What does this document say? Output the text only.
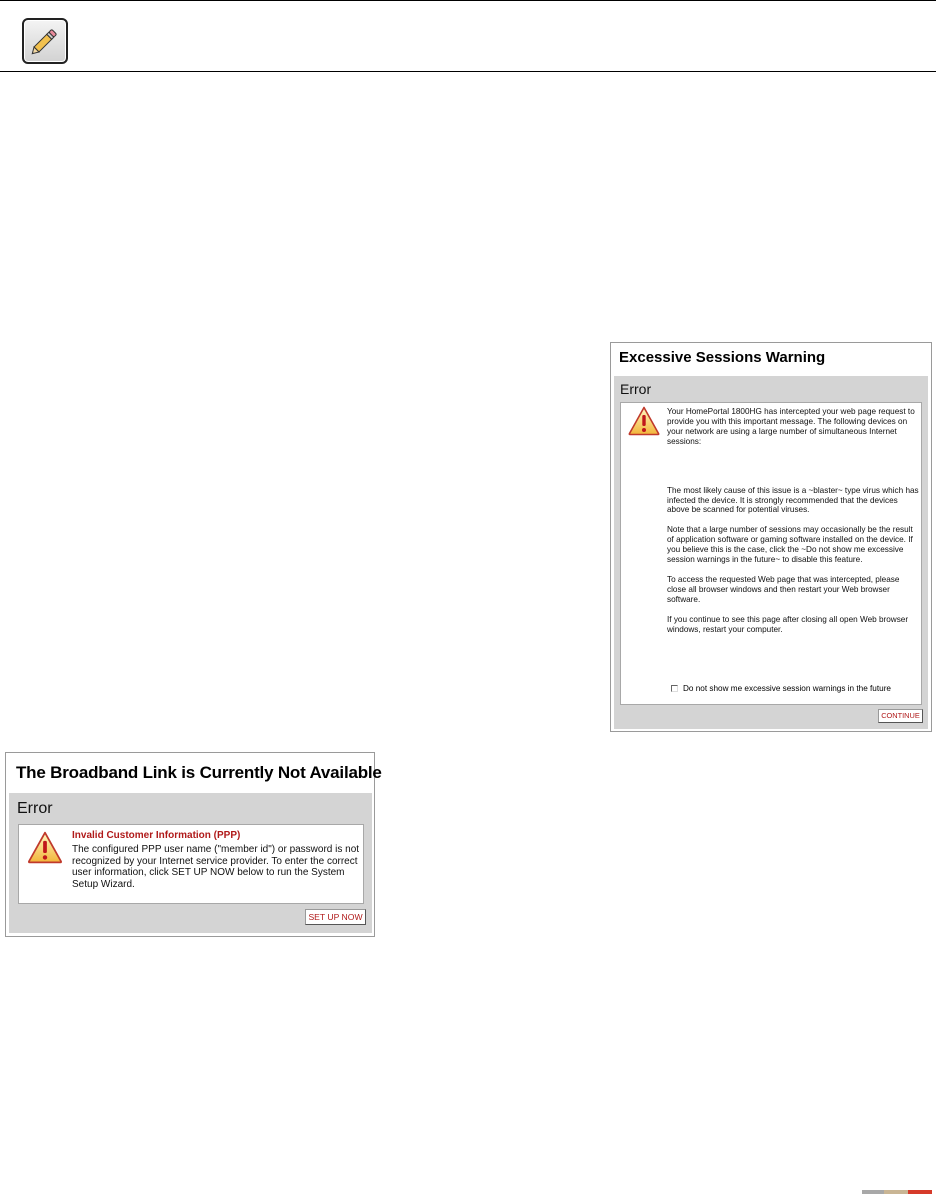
Excessive Sessions Warning
Error

Your HomePortal 1800HG has intercepted your web page request to provide you with this important message. The following devices on your network are using a large number of simultaneous Internet sessions:

The most likely cause of this issue is a ~blaster~ type virus which has infected the device. It is strongly recommended that the devices above be scanned for potential viruses.

Note that a large number of sessions may occasionally be the result of application software or gaming software installed on the device. If you believe this is the case, click the ~Do not show me excessive session warnings in the future~ to disable this feature.

To access the requested Web page that was intercepted, please close all browser windows and then restart your Web browser software.

If you continue to see this page after closing all open Web browser windows, restart your computer.

Do not show me excessive session warnings in the future
CONTINUE
The Broadband Link is Currently Not Available
Error

Invalid Customer Information (PPP)

The configured PPP user name ("member id") or password is not recognized by your Internet service provider. To enter the correct user information, click SET UP NOW below to run the System Setup Wizard.

SET UP NOW
